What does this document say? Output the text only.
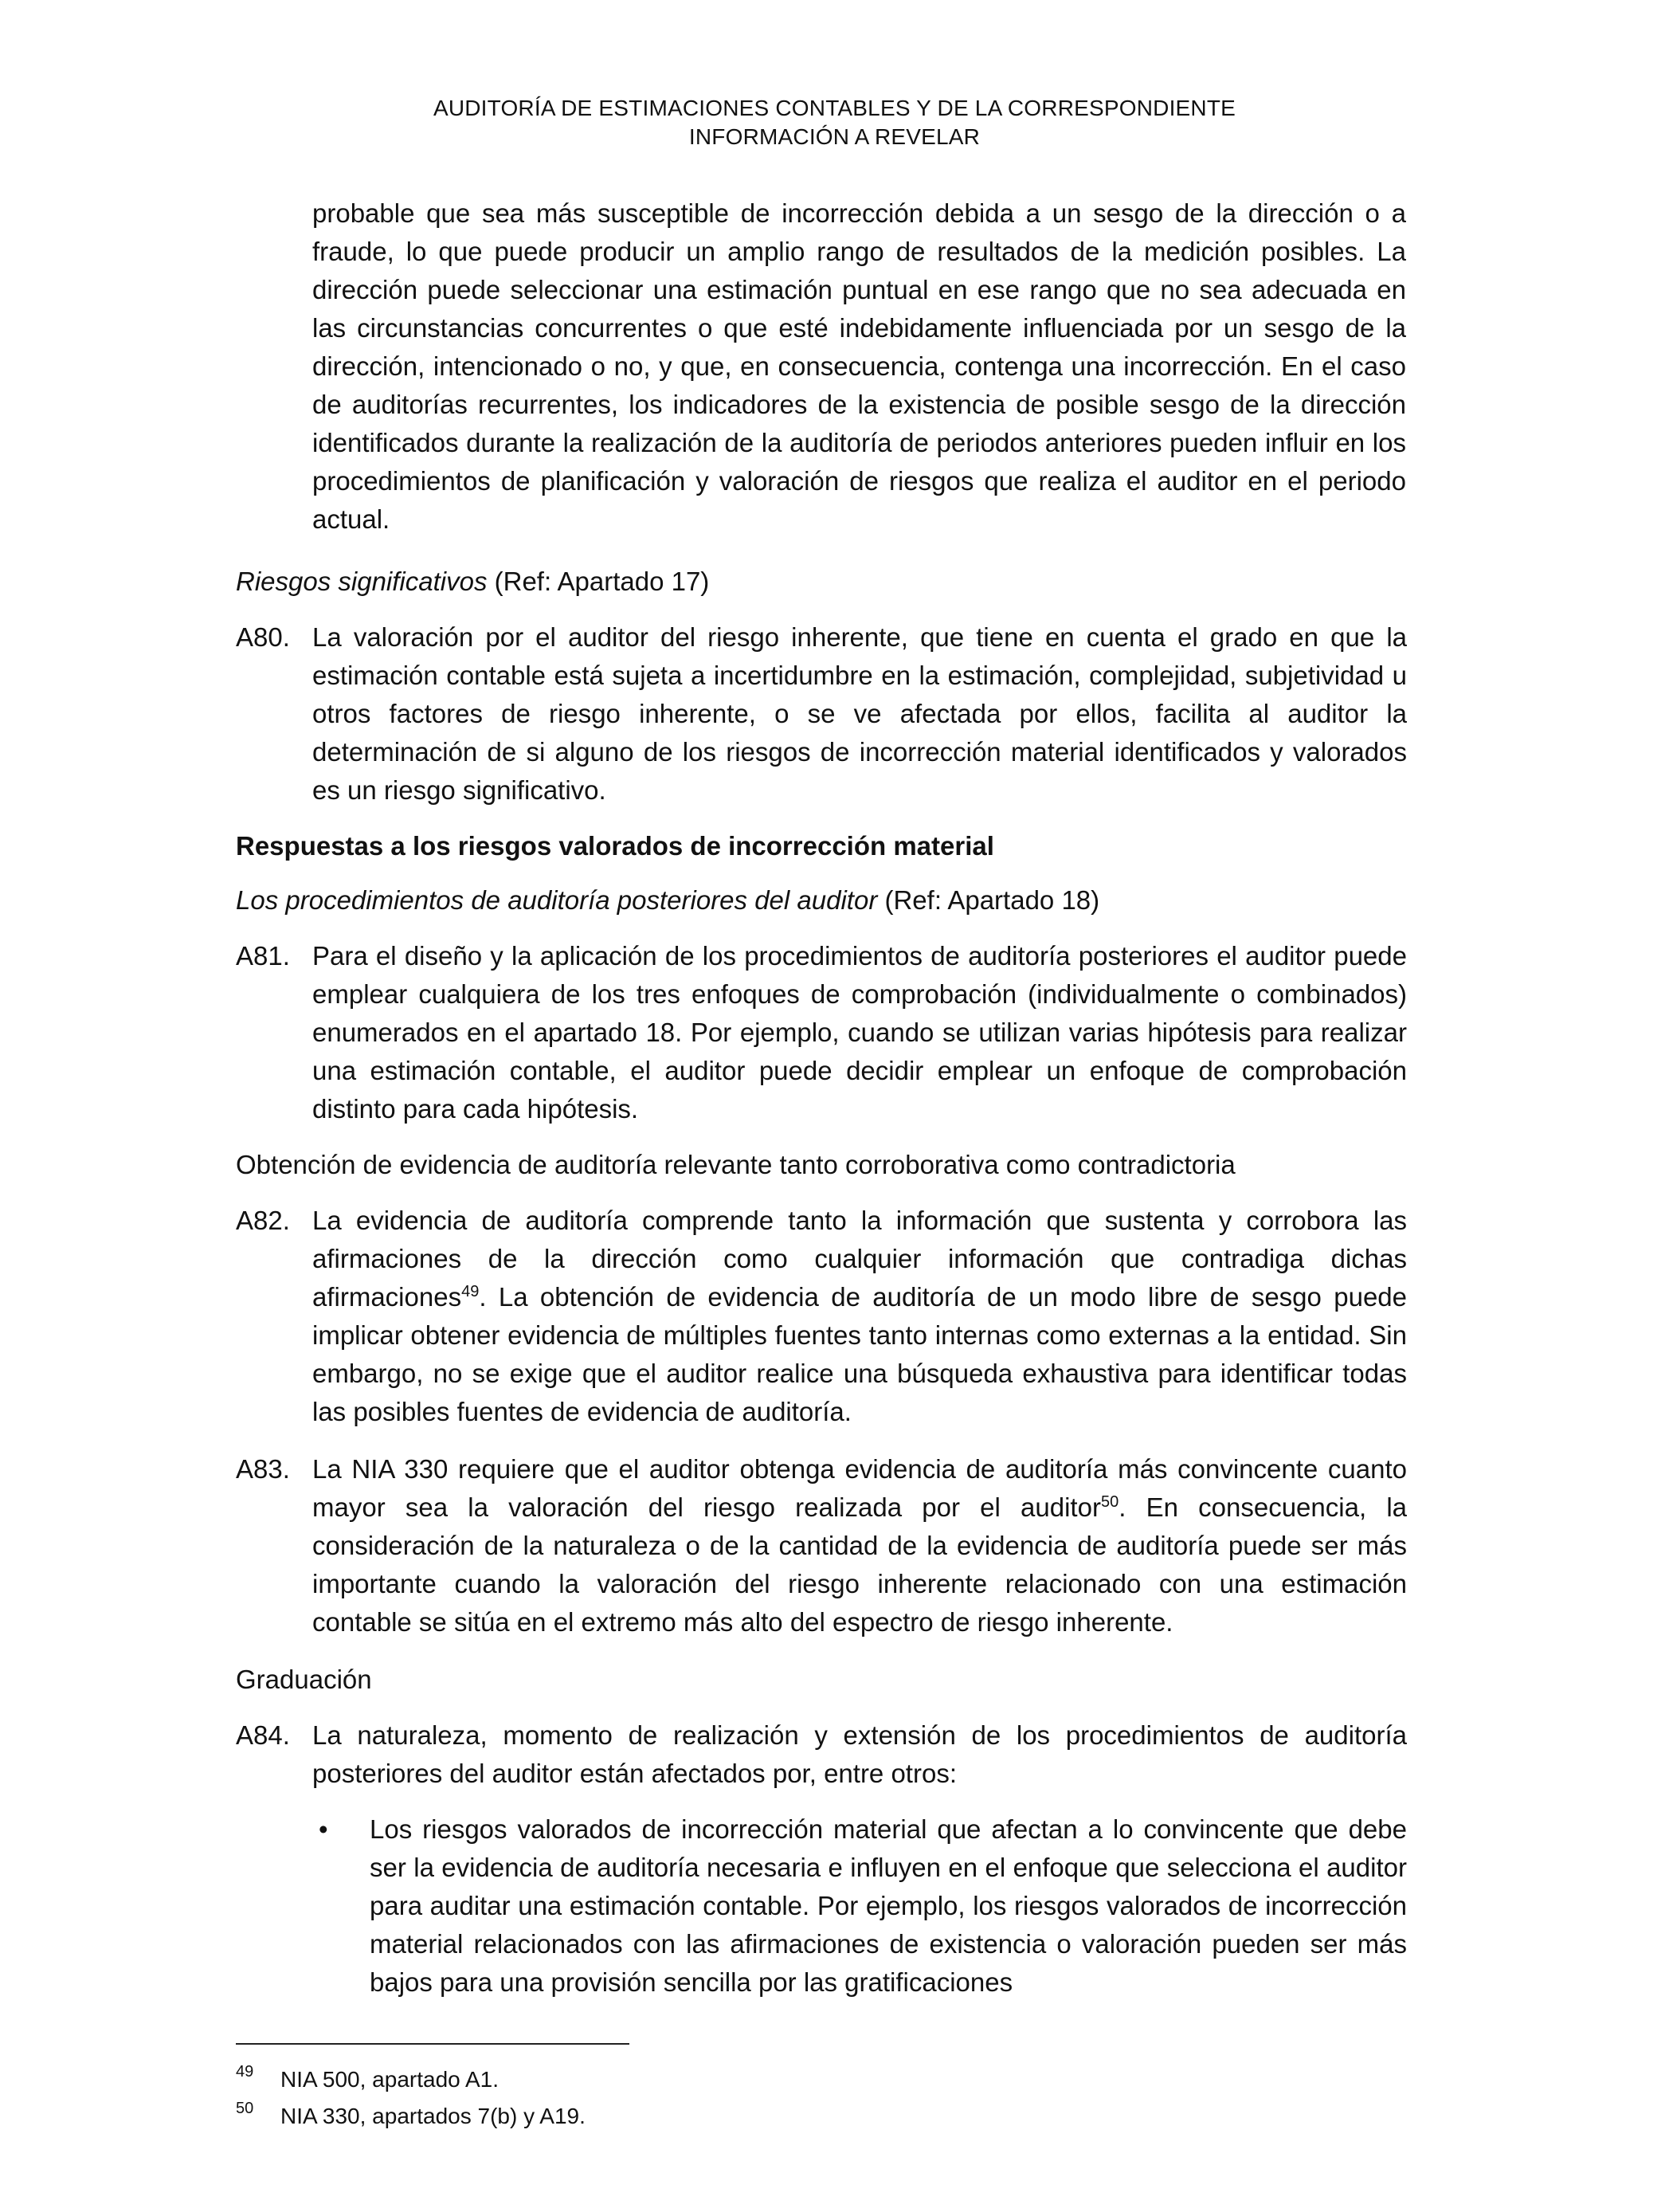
AUDITORÍA DE ESTIMACIONES CONTABLES Y DE LA CORRESPONDIENTE
INFORMACIÓN A REVELAR
probable que sea más susceptible de incorrección debida a un sesgo de la dirección o a fraude, lo que puede producir un amplio rango de resultados de la medición posibles. La dirección puede seleccionar una estimación puntual en ese rango que no sea adecuada en las circunstancias concurrentes o que esté indebidamente influenciada por un sesgo de la dirección, intencionado o no, y que, en consecuencia, contenga una incorrección. En el caso de auditorías recurrentes, los indicadores de la existencia de posible sesgo de la dirección identificados durante la realización de la auditoría de periodos anteriores pueden influir en los procedimientos de planificación y valoración de riesgos que realiza el auditor en el periodo actual.
Riesgos significativos (Ref: Apartado 17)
A80. La valoración por el auditor del riesgo inherente, que tiene en cuenta el grado en que la estimación contable está sujeta a incertidumbre en la estimación, complejidad, subjetividad u otros factores de riesgo inherente, o se ve afectada por ellos, facilita al auditor la determinación de si alguno de los riesgos de incorrección material identificados y valorados es un riesgo significativo.
Respuestas a los riesgos valorados de incorrección material
Los procedimientos de auditoría posteriores del auditor (Ref: Apartado 18)
A81. Para el diseño y la aplicación de los procedimientos de auditoría posteriores el auditor puede emplear cualquiera de los tres enfoques de comprobación (individualmente o combinados) enumerados en el apartado 18. Por ejemplo, cuando se utilizan varias hipótesis para realizar una estimación contable, el auditor puede decidir emplear un enfoque de comprobación distinto para cada hipótesis.
Obtención de evidencia de auditoría relevante tanto corroborativa como contradictoria
A82. La evidencia de auditoría comprende tanto la información que sustenta y corrobora las afirmaciones de la dirección como cualquier información que contradiga dichas afirmaciones$^{49}$. La obtención de evidencia de auditoría de un modo libre de sesgo puede implicar obtener evidencia de múltiples fuentes tanto internas como externas a la entidad. Sin embargo, no se exige que el auditor realice una búsqueda exhaustiva para identificar todas las posibles fuentes de evidencia de auditoría.
A83. La NIA 330 requiere que el auditor obtenga evidencia de auditoría más convincente cuanto mayor sea la valoración del riesgo realizada por el auditor$^{50}$. En consecuencia, la consideración de la naturaleza o de la cantidad de la evidencia de auditoría puede ser más importante cuando la valoración del riesgo inherente relacionado con una estimación contable se sitúa en el extremo más alto del espectro de riesgo inherente.
Graduación
A84. La naturaleza, momento de realización y extensión de los procedimientos de auditoría posteriores del auditor están afectados por, entre otros:
•	Los riesgos valorados de incorrección material que afectan a lo convincente que debe ser la evidencia de auditoría necesaria e influyen en el enfoque que selecciona el auditor para auditar una estimación contable. Por ejemplo, los riesgos valorados de incorrección material relacionados con las afirmaciones de existencia o valoración pueden ser más bajos para una provisión sencilla por las gratificaciones
49 NIA 500, apartado A1.
50 NIA 330, apartados 7(b) y A19.
